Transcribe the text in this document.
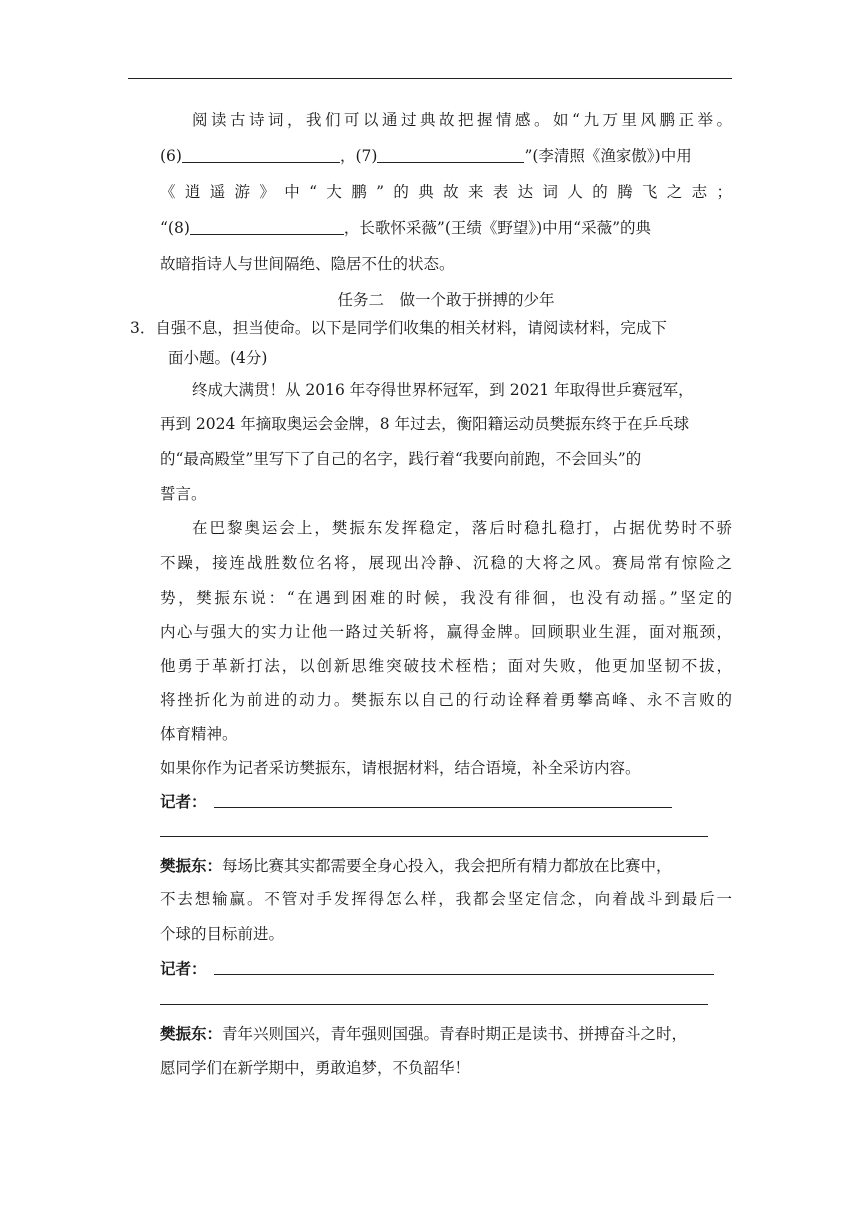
阅读古诗词，我们可以通过典故把握情感。如“九万里风鹏正举。
(6)	，(7)	”(李清照《渔家傲》)中用
《逍遥游》中“大鹏”的典故来表达词人的腾飞之志；
“(8)	，长歌怀采薇”(王绩《野望》)中用“采薇”的典
故暗指诗人与世间隔绝、隐居不仕的状态。
任务二　做一个敢于拼搏的少年
3．自强不息，担当使命。以下是同学们收集的相关材料，请阅读材料，完成下
面小题。(4分)
终成大满贯！从 2016 年夺得世界杯冠军，到 2021 年取得世乒赛冠军，
再到 2024 年摘取奥运会金牌，8 年过去，衡阳籍运动员樊振东终于在乒乓球
的“最高殿堂”里写下了自己的名字，践行着“我要向前跑，不会回头”的
誓言。
在巴黎奥运会上，樊振东发挥稳定，落后时稳扎稳打，占据优势时不骄
不躁，接连战胜数位名将，展现出冷静、沉稳的大将之风。赛局常有惊险之
势，樊振东说：“在遇到困难的时候，我没有徘徊，也没有动摇。”坚定的
内心与强大的实力让他一路过关斩将，赢得金牌。回顾职业生涯，面对瓶颈，
他勇于革新打法，以创新思维突破技术桎梏；面对失败，他更加坚韧不拔，
将挫折化为前进的动力。樊振东以自己的行动诠释着勇攀高峰、永不言败的
体育精神。
如果你作为记者采访樊振东，请根据材料，结合语境，补全采访内容。
记者：
樊振东：每场比赛其实都需要全身心投入，我会把所有精力都放在比赛中，
不去想输赢。不管对手发挥得怎么样，我都会坚定信念，向着战斗到最后一
个球的目标前进。
记者：
樊振东：青年兴则国兴，青年强则国强。青春时期正是读书、拼搏奋斗之时，
愿同学们在新学期中，勇敢追梦，不负韶华！
